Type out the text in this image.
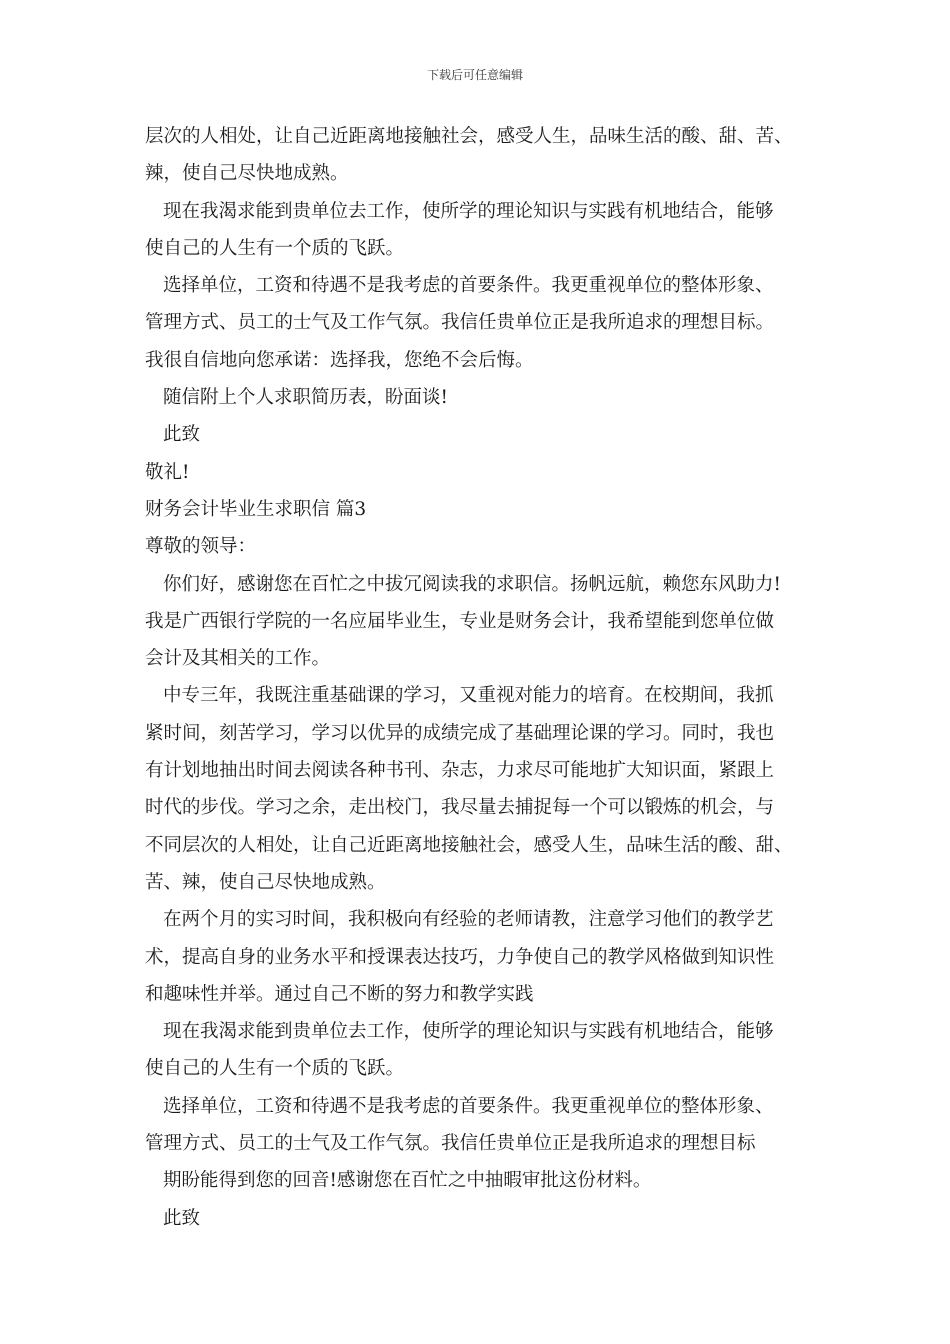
下载后可任意编辑

层次的人相处，让自己近距离地接触社会，感受人生，品味生活的酸、甜、苦、

辣，使自己尽快地成熟。

现在我渴求能到贵单位去工作，使所学的理论知识与实践有机地结合，能够

使自己的人生有一个质的飞跃。

选择单位，工资和待遇不是我考虑的首要条件。我更重视单位的整体形象、

管理方式、员工的士气及工作气氛。我信任贵单位正是我所追求的理想目标。

我很自信地向您承诺：选择我，您绝不会后悔。

随信附上个人求职简历表，盼面谈!

此致

敬礼!

财务会计毕业生求职信 篇3

尊敬的领导：

你们好，感谢您在百忙之中拔冗阅读我的求职信。扬帆远航，赖您东风助力!

我是广西银行学院的一名应届毕业生，专业是财务会计，我希望能到您单位做

会计及其相关的工作。

中专三年，我既注重基础课的学习，又重视对能力的培育。在校期间，我抓

紧时间，刻苦学习，学习以优异的成绩完成了基础理论课的学习。同时，我也

有计划地抽出时间去阅读各种书刊、杂志，力求尽可能地扩大知识面，紧跟上

时代的步伐。学习之余，走出校门，我尽量去捕捉每一个可以锻炼的机会，与

不同层次的人相处，让自己近距离地接触社会，感受人生，品味生活的酸、甜、

苦、辣，使自己尽快地成熟。

在两个月的实习时间，我积极向有经验的老师请教，注意学习他们的教学艺

术，提高自身的业务水平和授课表达技巧，力争使自己的教学风格做到知识性

和趣味性并举。通过自己不断的努力和教学实践

现在我渴求能到贵单位去工作，使所学的理论知识与实践有机地结合，能够

使自己的人生有一个质的飞跃。

选择单位，工资和待遇不是我考虑的首要条件。我更重视单位的整体形象、

管理方式、员工的士气及工作气氛。我信任贵单位正是我所追求的理想目标

期盼能得到您的回音!感谢您在百忙之中抽暇审批这份材料。

此致
